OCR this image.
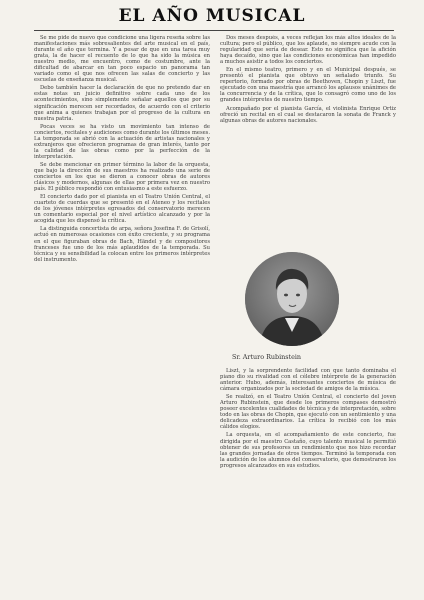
EL AÑO MUSICAL

Se me pide de nuevo que condicione una ligera reseña sobre las manifestaciones más sobresalientes del arte musical en el país, durante el año que termina. Y a pesar de que en una tarea muy grata, la de hacer el recuento de lo que ha sido la música en nuestro medio, me encuentro, como de costumbre, ante la dificultad de abarcar en tan poco espacio un panorama tan variado como el que nos ofrecen las salas de concierto y las escuelas de enseñanza musical.

Debo también hacer la declaración de que no pretendo dar en estas notas un juicio definitivo sobre cada uno de los acontecimientos, sino simplemente señalar aquellos que por su significación merecen ser recordados, de acuerdo con el criterio que anima a quienes trabajan por el progreso de la cultura en nuestra patria.

Pocas veces se ha visto un movimiento tan intenso de conciertos, recitales y audiciones como durante los últimos meses. La temporada se abrió con la actuación de artistas nacionales y extranjeros que ofrecieron programas de gran interés, tanto por la calidad de las obras como por la perfección de la interpretación.

Se debe mencionar en primer término la labor de la orquesta, que bajo la dirección de sus maestros ha realizado una serie de conciertos en los que se dieron a conocer obras de autores clásicos y modernos, algunas de ellas por primera vez en nuestro país. El público respondió con entusiasmo a este esfuerzo.

El concierto dado por el pianista en el Teatro Unión Central, el cuarteto de cuerdas que se presentó en el Ateneo y los recitales de los jóvenes intérpretes egresados del conservatorio merecen un comentario especial por el nivel artístico alcanzado y por la acogida que les dispensó la crítica.

La distinguida concertista de arpa, señora Josefina F. de Grisolí, actuó en numerosas ocasiones con éxito creciente, y su programa en el que figuraban obras de Bach, Händel y de compositores franceses fue uno de los más aplaudidos de la temporada. Su técnica y su sensibilidad la colocan entre los primeros intérpretes del instrumento.

Dos meses después, a veces reflejan los más altos ideales de la cultura; pero el público, que los aplaude, no siempre acude con la regularidad que sería de desear. Esto no significa que la afición haya decaído, sino que las condiciones económicas han impedido a muchos asistir a todos los conciertos.

En el mismo teatro, primero y en el Municipal después, se presentó el pianista que obtuvo un señalado triunfo. Su repertorio, formado por obras de Beethoven, Chopin y Liszt, fue ejecutado con una maestría que arrancó los aplausos unánimes de la concurrencia y de la crítica, que lo consagró como uno de los grandes intérpretes de nuestro tiempo.

Acompañado por el pianista García, el violinista Enrique Ortiz ofreció un recital en el cual se destacaron la sonata de Franck y algunas obras de autores nacionales.

Sr. Arturo Rubinstein

Liszt, y la sorprendente facilidad con que tanto dominaba el piano dio su rivalidad con el célebre intérprete de la generación anterior. Hubo, además, interesantes conciertos de música de cámara organizados por la sociedad de amigos de la música.

Se realizó, en el Teatro Unión Central, el concierto del joven Arturo Rubinstein, que desde los primeros compases demostró poseer excelentes cualidades de técnica y de interpretación, sobre todo en las obras de Chopin, que ejecutó con un sentimiento y una delicadeza extraordinarios. La crítica lo recibió con los más cálidos elogios.

La orquesta, en el acompañamiento de este concierto, fue dirigida por el maestro Castaño, cuyo talento musical le permitió obtener de sus profesores un rendimiento que nos hizo recordar las grandes jornadas de otros tiempos. Terminó la temporada con la audición de los alumnos del conservatorio, que demostraron los progresos alcanzados en sus estudios.
